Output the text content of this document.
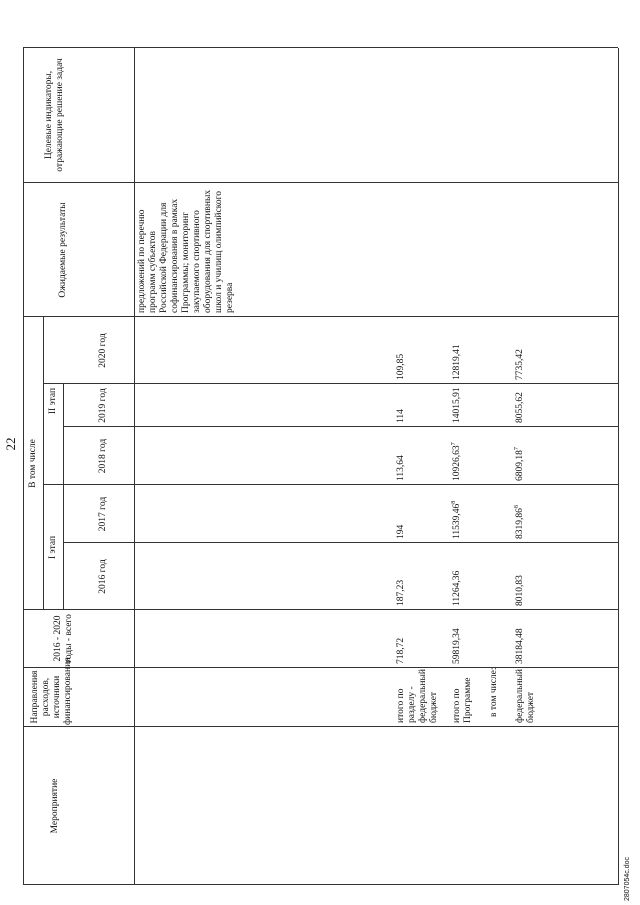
22
Мероприятие
Направления расходов, источники финансирования
2016 - 2020 годы - всего
В том числе
I этап
II этап
2016 год
2017 год
2018 год
2019 год
2020 год
Ожидаемые результаты
Целевые индикаторы, отражающие решение задач
предложений по перечню программ субъектов Российской Федерации для софинансирования в рамках Программы; мониторинг закупаемого спортивного оборудования для спортивных школ и училищ олимпийского резерва
итого по разделу - федеральный бюджет
718,72
187,23
194
113,64
114
109,85
итого по Программе
59819,34
11264,36
11539,46$^8$
10926,63$^7$
14015,91
12819,41
в том числе: федеральный бюджет
38184,48
8010,83
8319,86$^8$
6809,18$^7$
8055,62
7735,42
2807054с.doc
